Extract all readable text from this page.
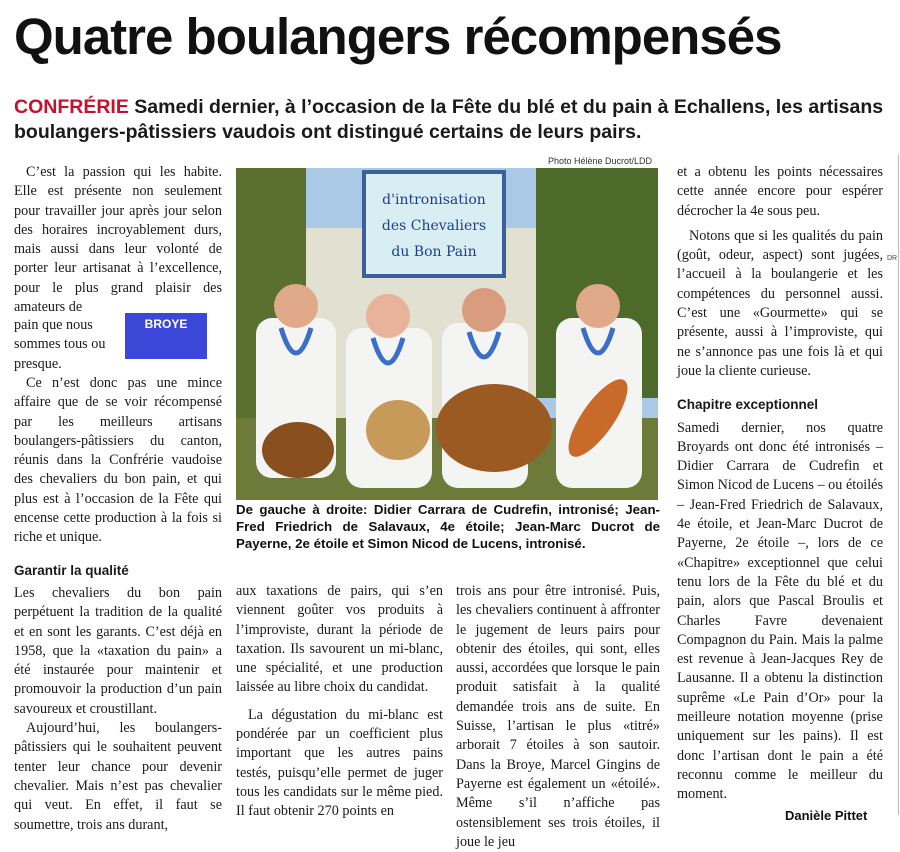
Quatre boulangers récompensés
CONFRÉRIE Samedi dernier, à l’occasion de la Fête du blé et du pain à Echallens, les artisans boulangers-pâtissiers vaudois ont distingué certains de leurs pairs.
Photo Hélène Ducrot/LDD

C’est la passion qui les habite. Elle est présente non seulement pour travailler jour après jour selon des horaires incroyablement durs, mais aussi dans leur volonté de porter leur artisanat à l’excellence, pour le plus grand plaisir des amateurs de

pain que nous

sommes tous ou

presque.

BROYE

Ce n’est donc pas une mince affaire que de se voir récompensé par les meilleurs artisans boulangers-pâtissiers du canton, réunis dans la Confrérie vaudoise des chevaliers du bon pain, et qui plus est à l’occasion de la Fête qui encense cette production à la fois si riche et unique.

Garantir la qualité

Les chevaliers du bon pain perpétuent la tradition de la qualité et en sont les garants. C’est déjà en 1958, que la «taxation du pain» a été instaurée pour maintenir et promouvoir la production d’un pain savoureux et croustillant.

Aujourd’hui, les boulangers-pâtissiers qui le souhaitent peuvent tenter leur chance pour devenir chevalier. Mais n’est pas chevalier qui veut. En effet, il faut se soumettre, trois ans durant,

d'intronisation
des Chevaliers
du Bon Pain
De gauche à droite: Didier Carrara de Cudrefin, intronisé; Jean-Fred Friedrich de Salavaux, 4e étoile; Jean-Marc Ducrot de Payerne, 2e étoile et Simon Nicod de Lucens, intronisé.

aux taxations de pairs, qui s’en viennent goûter vos produits à l’improviste, durant la période de taxation. Ils savourent un mi-blanc, une spécialité, et une production laissée au libre choix du candidat.

La dégustation du mi-blanc est pondérée par un coefficient plus important que les autres pains testés, puisqu’elle permet de juger tous les candidats sur le même pied. Il faut obtenir 270 points en

trois ans pour être intronisé. Puis, les chevaliers continuent à affronter le jugement de leurs pairs pour obtenir des étoiles, qui sont, elles aussi, accordées que lorsque le pain produit satisfait à la qualité demandée trois ans de suite. En Suisse, l’artisan le plus «titré» arborait 7 étoiles à son sautoir. Dans la Broye, Marcel Gingins de Payerne est également un «étoilé». Même s’il n’affiche pas ostensiblement ses trois étoiles, il joue le jeu

et a obtenu les points nécessaires cette année encore pour espérer décrocher la 4e sous peu.

Notons que si les qualités du pain (goût, odeur, aspect) sont jugées, l’accueil à la boulangerie et les compétences du personnel aussi. C’est une «Gourmette» qui se présente, aussi à l’improviste, qui ne s’annonce pas une fois là et qui joue la cliente curieuse.

Chapitre exceptionnel

Samedi dernier, nos quatre Broyards ont donc été intronisés – Didier Carrara de Cudrefin et Simon Nicod de Lucens – ou étoilés – Jean-Fred Friedrich de Salavaux, 4e étoile, et Jean-Marc Ducrot de Payerne, 2e étoile –, lors de ce «Chapitre» exceptionnel que celui tenu lors de la Fête du blé et du pain, alors que Pascal Broulis et Charles Favre devenaient Compagnon du Pain. Mais la palme est revenue à Jean-Jacques Rey de Lausanne. Il a obtenu la distinction suprême «Le Pain d’Or» pour la meilleure notation moyenne (prise uniquement sur les pains). Il est donc l’artisan dont le pain a été reconnu comme le meilleur du moment.

Danièle Pittet
DR
